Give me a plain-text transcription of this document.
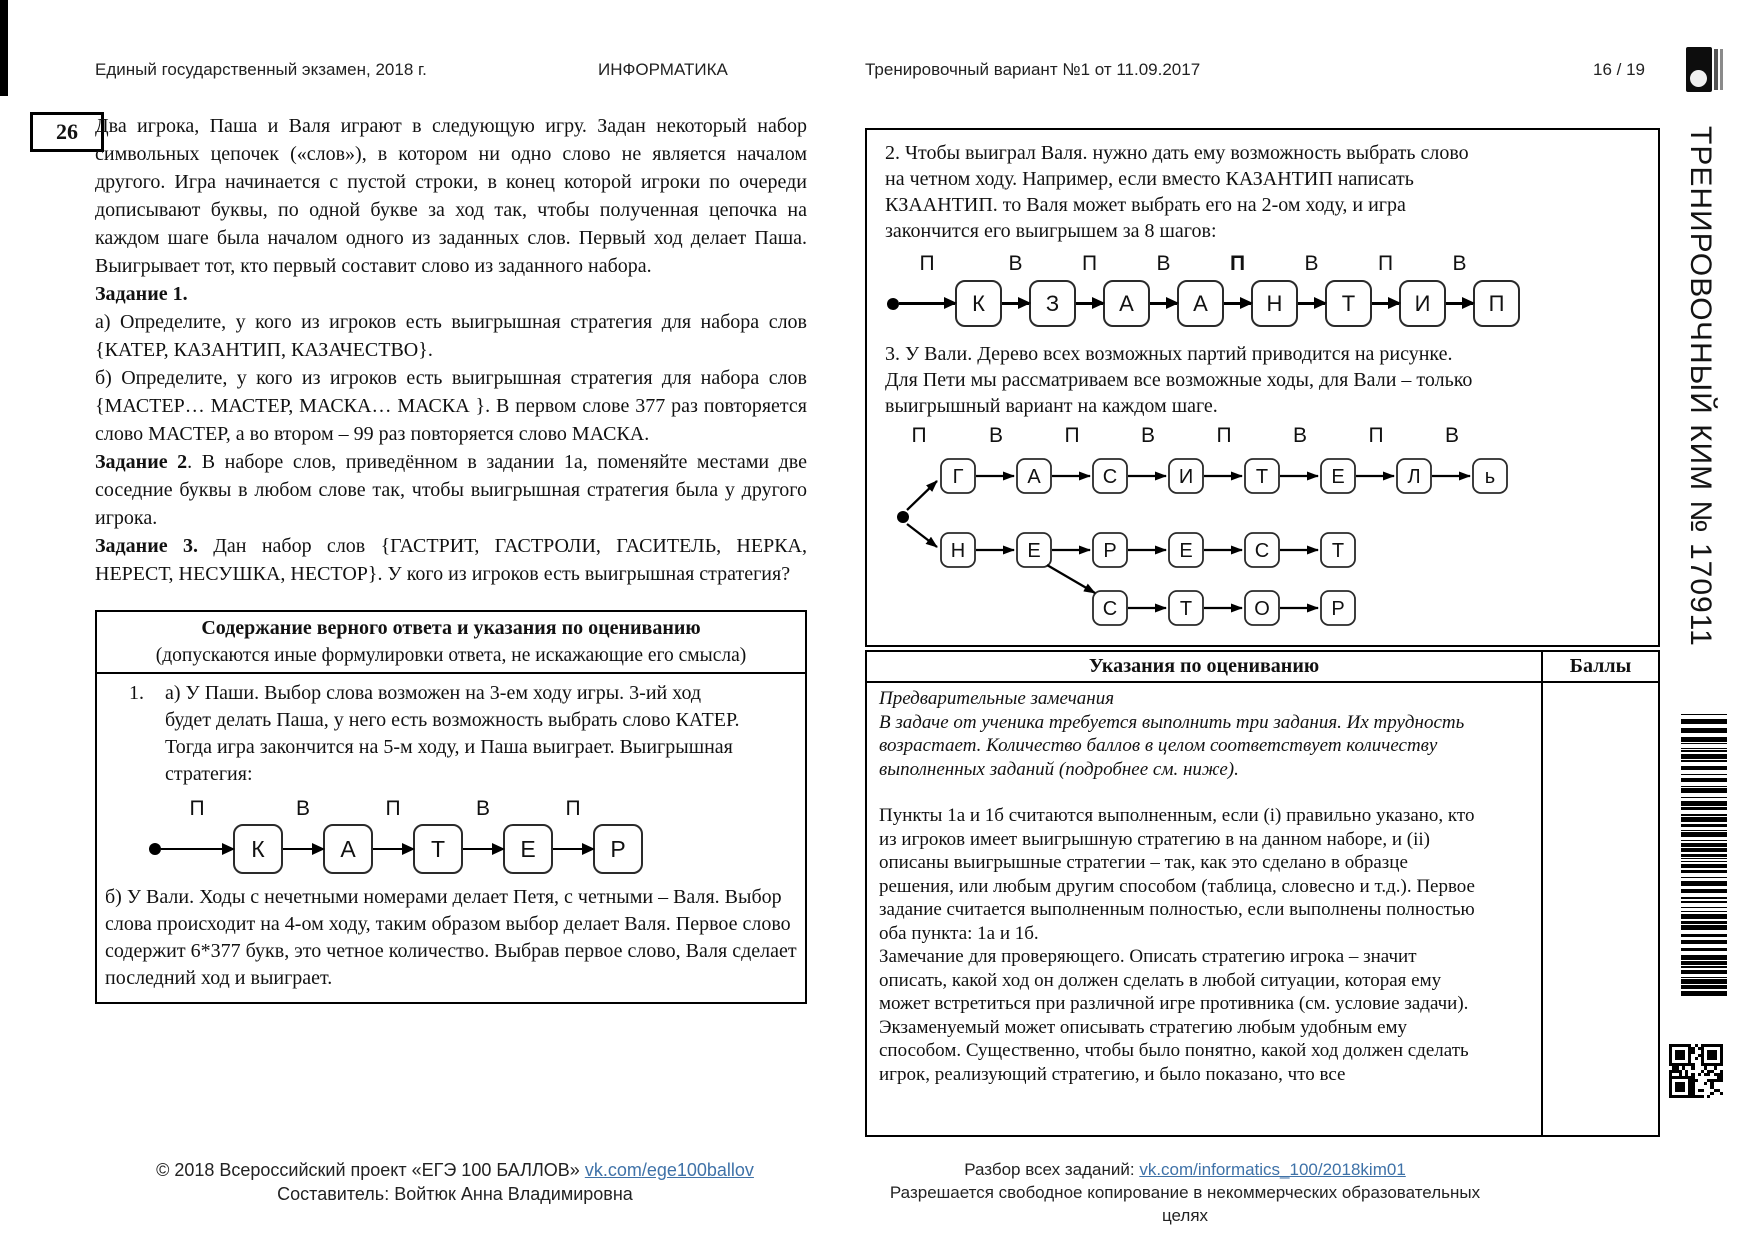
Единый государственный экзамен, 2018 г.	ИНФОРМАТИКА	Тренировочный вариант №1 от 11.09.2017	16 / 19
26 Два игрока, Паша и Валя играют в следующую игру. Задан некоторый набор символьных цепочек («слов»), в котором ни одно слово не является началом другого. Игра начинается с пустой строки, в конец которой игроки по очереди дописывают буквы, по одной букве за ход так, чтобы полученная цепочка на каждом шаге была началом одного из заданных слов. Первый ход делает Паша. Выигрывает тот, кто первый составит слово из заданного набора.

Задание 1.

а) Определите, у кого из игроков есть выигрышная стратегия для набора слов {КАТЕР, КАЗАНТИП, КАЗАЧЕСТВО}.

б) Определите, у кого из игроков есть выигрышная стратегия для набора слов {МАСТЕР… МАСТЕР, МАСКА… МАСКА }. В первом слове 377 раз повторяется слово МАСТЕР, а во втором – 99 раз повторяется слово МАСКА.

Задание 2. В наборе слов, приведённом в задании 1а, поменяйте местами две соседние буквы в любом слове так, чтобы выигрышная стратегия была у другого игрока.

Задание 3. Дан набор слов {ГАСТРИТ, ГАСТРОЛИ, ГАСИТЕЛЬ, НЕРКА, НЕРЕСТ, НЕСУШКА, НЕСТОР}. У кого из игроков есть выигрышная стратегия?

Содержание верного ответа и указания по оцениванию
(допускаются иные формулировки ответа, не искажающие его смысла)
1.	а) У Паши. Выбор слова возможен на 3-ем ходу игры. 3-ий ход будет делать Паша, у него есть возможность выбрать слово КАТЕР. Тогда игра закончится на 5-м ходу, и Паша выиграет. Выигрышная стратегия:
П
К
В
А
П
Т
В
Е
П
Р

б) У Вали. Ходы с нечетными номерами делает Петя, с четными – Валя. Выбор слова происходит на 4-ом ходу, таким образом выбор делает Валя. Первое слово содержит 6*377 букв, это четное количество. Выбрав первое слово, Валя сделает последний ход и выиграет.

2. Чтобы выиграл Валя. нужно дать ему возможность выбрать слово на четном ходу. Например, если вместо КАЗАНТИП написать КЗААНТИП. то Валя может выбрать его на 2-ом ходу, и игра закончится его выигрышем за 8 шагов:

П
К
В
З
П
А
В
А
П
Н
В
Т
П
И
В
П

3. У Вали. Дерево всех возможных партий приводится на рисунке. Для Пети мы рассматриваем все возможные ходы, для Вали – только выигрышный вариант на каждом шаге.

Г	А	С	И	Т	Е	Л	ь
Н	Е	Р	Е	С	Т
С	Т	О	Р
П	В	П	В	П	В	П	В
Указания по оцениванию	Баллы

Предварительные замечания

В задаче от ученика требуется выполнить три задания. Их трудность возрастает. Количество баллов в целом соответствует количеству выполненных заданий (подробнее см. ниже).

Пункты 1а и 1б считаются выполненным, если (i) правильно указано, кто из игроков имеет выигрышную стратегию в на данном наборе, и (ii) описаны выигрышные стратегии – так, как это сделано в образце решения, или любым другим способом (таблица, словесно и т.д.). Первое задание считается выполненным полностью, если выполнены полностью оба пункта: 1а и 1б.

Замечание для проверяющего. Описать стратегию игрока – значит описать, какой ход он должен сделать в любой ситуации, которая ему может встретиться при различной игре противника (см. условие задачи). Экзаменуемый может описывать стратегию любым удобным ему способом. Существенно, чтобы было понятно, какой ход должен сделать игрок, реализующий стратегию, и было показано, что все

© 2018 Всероссийский проект «ЕГЭ 100 БАЛЛОВ» vk.com/ege100ballov
Составитель: Войтюк Анна Владимировна
Разбор всех заданий: vk.com/informatics_100/2018kim01
Разрешается свободное копирование в некоммерческих образовательных целях
ТРЕНИРОВОЧНЫЙ КИМ № 170911
